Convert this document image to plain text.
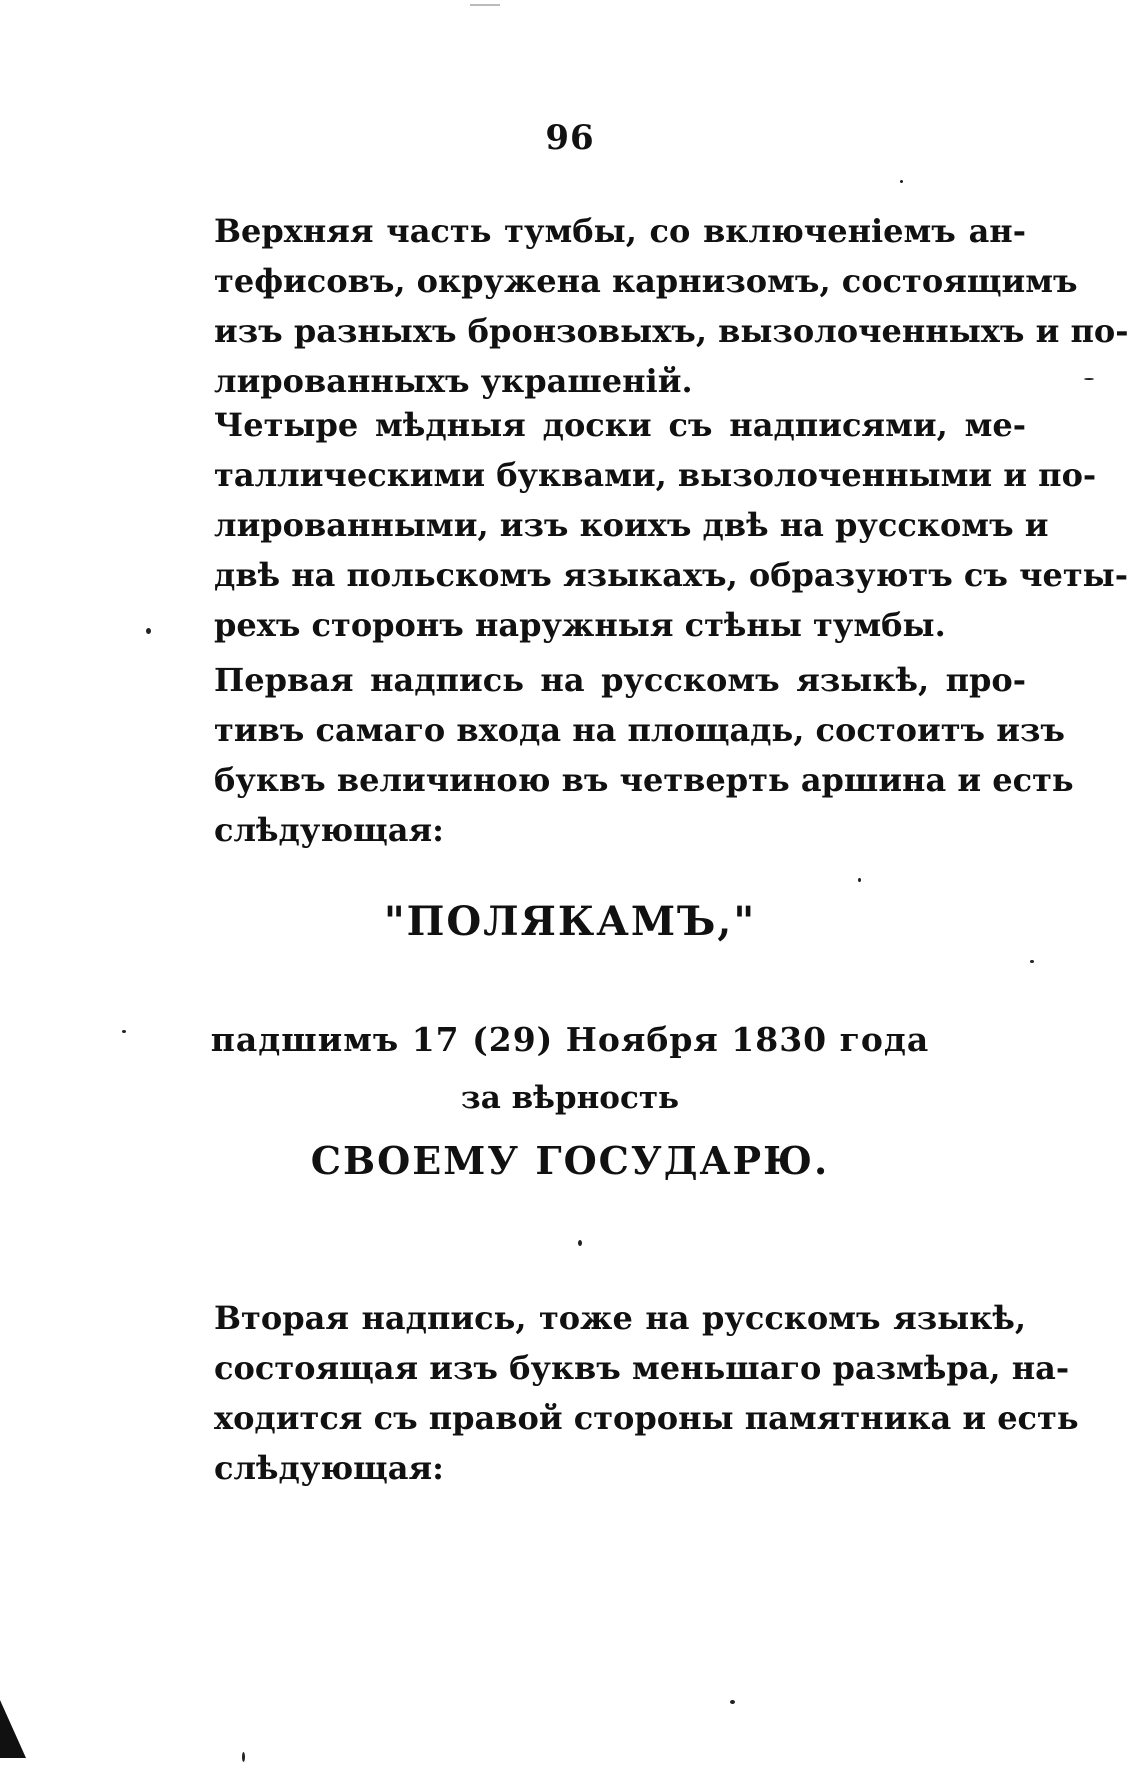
96
Верхняя часть тумбы, со включеніемъ ан-
тефисовъ, окружена карнизомъ, состоящимъ
изъ разныхъ бронзовыхъ, вызолоченныхъ и по-
лированныхъ украшеній.
Четыре мѣдныя доски съ надписями, ме-
таллическими буквами, вызолоченными и по-
лированными, изъ коихъ двѣ на русскомъ и
двѣ на польскомъ языкахъ, образуютъ съ четы-
рехъ сторонъ наружныя стѣны тумбы.
Первая надпись на русскомъ языкѣ, про-
тивъ самаго входа на площадь, состоитъ изъ
буквъ величиною въ четверть аршина и есть
слѣдующая:
"ПОЛЯКАМЪ,"
падшимъ 17 (29) Ноября 1830 года
за вѣрность
СВОЕМУ ГОСУДАРЮ.
Вторая надпись, тоже на русскомъ языкѣ,
состоящая изъ буквъ меньшаго размѣра, на-
ходится съ правой стороны памятника и есть
слѣдующая:
